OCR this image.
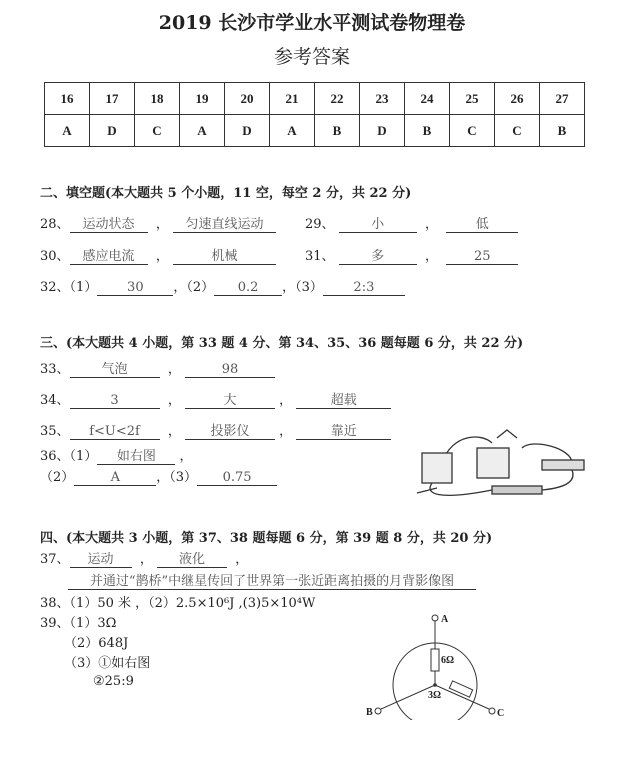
2019 长沙市学业水平测试卷物理卷
参考答案
16	17	18	19	20	21	22	23	24	25	26	27
A	D	C	A	D	A	B	D	B	C	C	B
二、填空题(本大题共 5 个小题，11 空，每空 2 分，共 22 分)
28、 运动状态 ， 匀速直线运动	29、	小	，	低
30、 感应电流 ，	机械	31、	多	，	25
32、（1） 30 ，（2） 0.2 ，（3） 2:3
三、(本大题共 4 小题，第 33 题 4 分、第 34、35、36 题每题 6 分，共 22 分)
33、 气泡	，	98
34、	3	，	大	，	超载
35、 f<U<2f ， 投影仪 ，	靠近
36、（1） 如右图 ，
（2）	A	，（3） 0.75
四、(本大题共 3 小题，第 37、38 题每题 6 分，第 39 题 8 分，共 20 分)
37、 运动 ， 液化 ，
并通过“鹊桥”中继星传回了世界第一张近距离拍摄的月背影像图
38、（1）50 米 ，（2）2.5×10⁶J ,(3)5×10⁴W
39、（1）3Ω
（2）648J
（3）①如右图
②25:9
A
B	C
6Ω
3Ω
